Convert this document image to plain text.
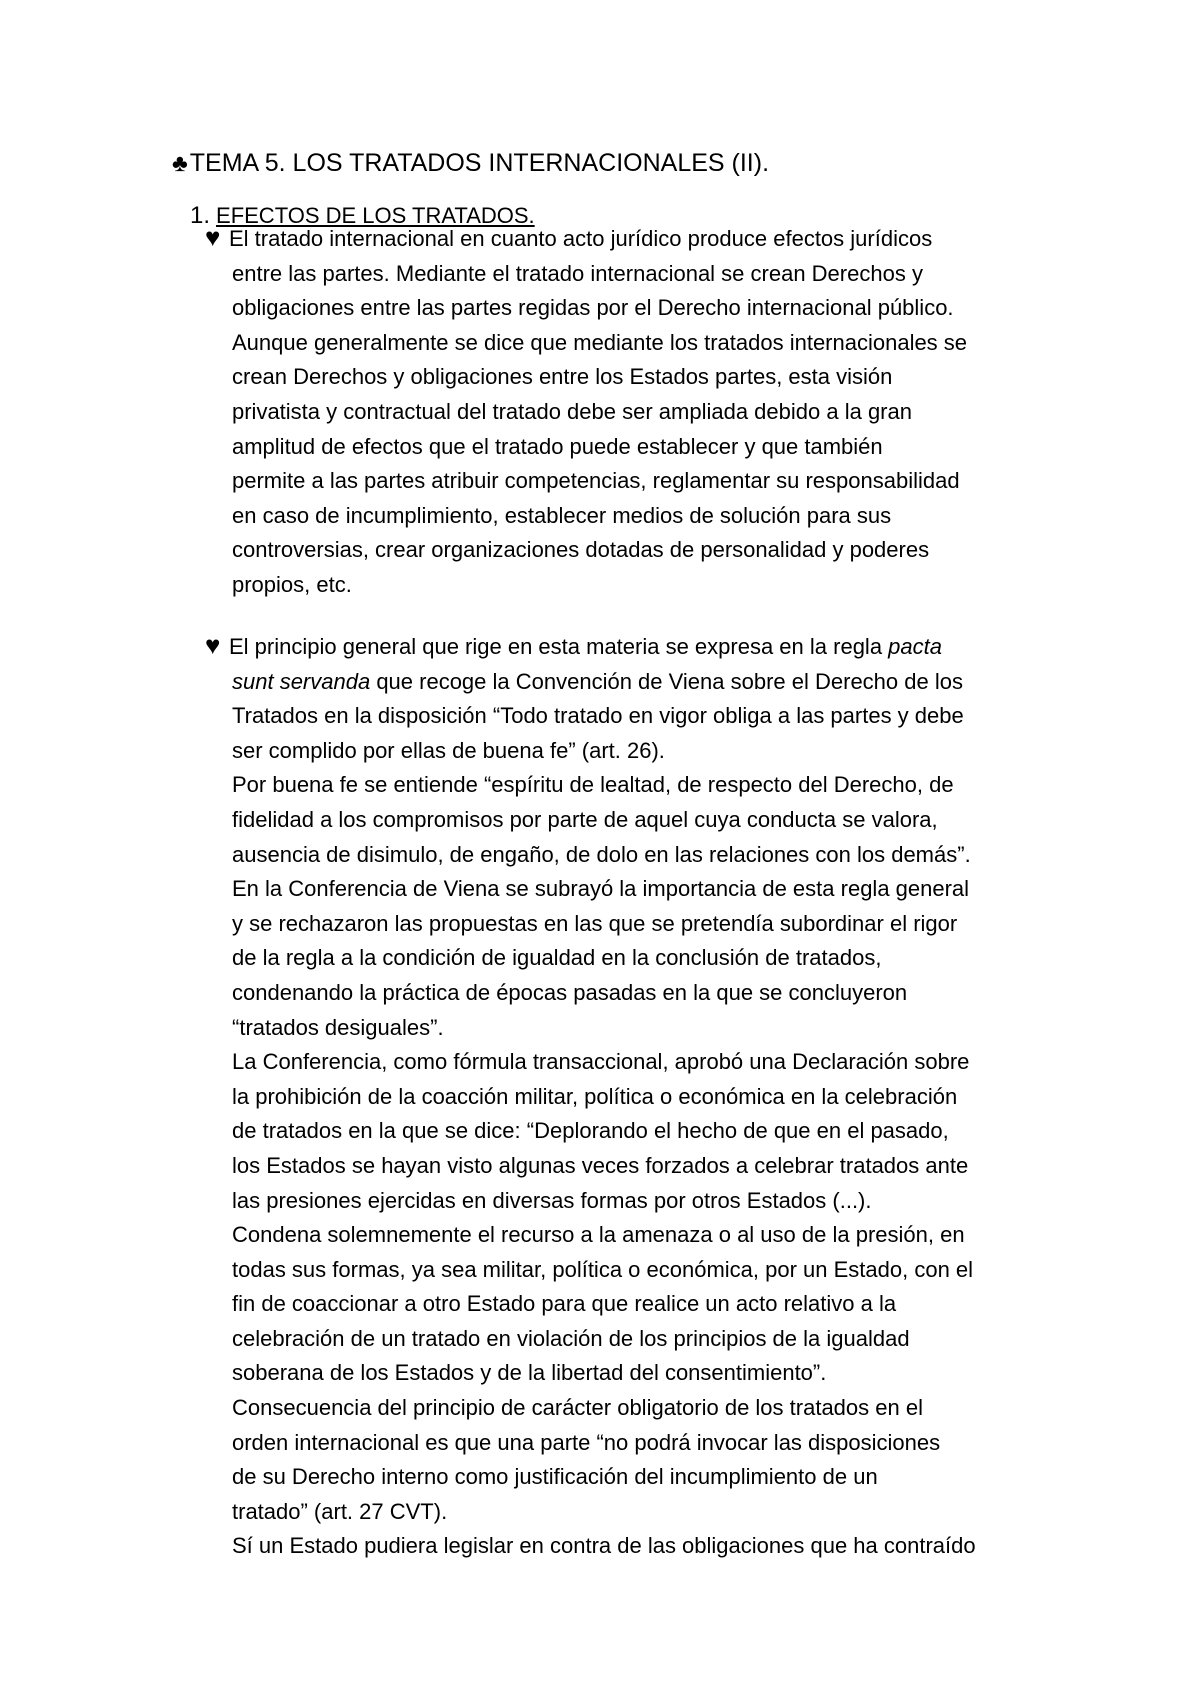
♣TEMA 5. LOS TRATADOS INTERNACIONALES (II).
1. EFECTOS DE LOS TRATADOS.
♥ El tratado internacional en cuanto acto jurídico produce efectos jurídicos
entre las partes. Mediante el tratado internacional se crean Derechos y
obligaciones entre las partes regidas por el Derecho internacional público.
Aunque generalmente se dice que mediante los tratados internacionales se
crean Derechos y obligaciones entre los Estados partes, esta visión
privatista y contractual del tratado debe ser ampliada debido a la gran
amplitud de efectos que el tratado puede establecer y que también
permite a las partes atribuir competencias, reglamentar su responsabilidad
en caso de incumplimiento, establecer medios de solución para sus
controversias, crear organizaciones dotadas de personalidad y poderes
propios, etc.
♥ El principio general que rige en esta materia se expresa en la regla pacta
sunt servanda que recoge la Convención de Viena sobre el Derecho de los
Tratados en la disposición “Todo tratado en vigor obliga a las partes y debe
ser complido por ellas de buena fe” (art. 26).
Por buena fe se entiende “espíritu de lealtad, de respecto del Derecho, de
fidelidad a los compromisos por parte de aquel cuya conducta se valora,
ausencia de disimulo, de engaño, de dolo en las relaciones con los demás”.
En la Conferencia de Viena se subrayó la importancia de esta regla general
y se rechazaron las propuestas en las que se pretendía subordinar el rigor
de la regla a la condición de igualdad en la conclusión de tratados,
condenando la práctica de épocas pasadas en la que se concluyeron
“tratados desiguales”.
La Conferencia, como fórmula transaccional, aprobó una Declaración sobre
la prohibición de la coacción militar, política o económica en la celebración
de tratados en la que se dice: “Deplorando el hecho de que en el pasado,
los Estados se hayan visto algunas veces forzados a celebrar tratados ante
las presiones ejercidas en diversas formas por otros Estados (...).
Condena solemnemente el recurso a la amenaza o al uso de la presión, en
todas sus formas, ya sea militar, política o económica, por un Estado, con el
fin de coaccionar a otro Estado para que realice un acto relativo a la
celebración de un tratado en violación de los principios de la igualdad
soberana de los Estados y de la libertad del consentimiento”.
Consecuencia del principio de carácter obligatorio de los tratados en el
orden internacional es que una parte “no podrá invocar las disposiciones
de su Derecho interno como justificación del incumplimiento de un
tratado” (art. 27 CVT).
Sí un Estado pudiera legislar en contra de las obligaciones que ha contraído
